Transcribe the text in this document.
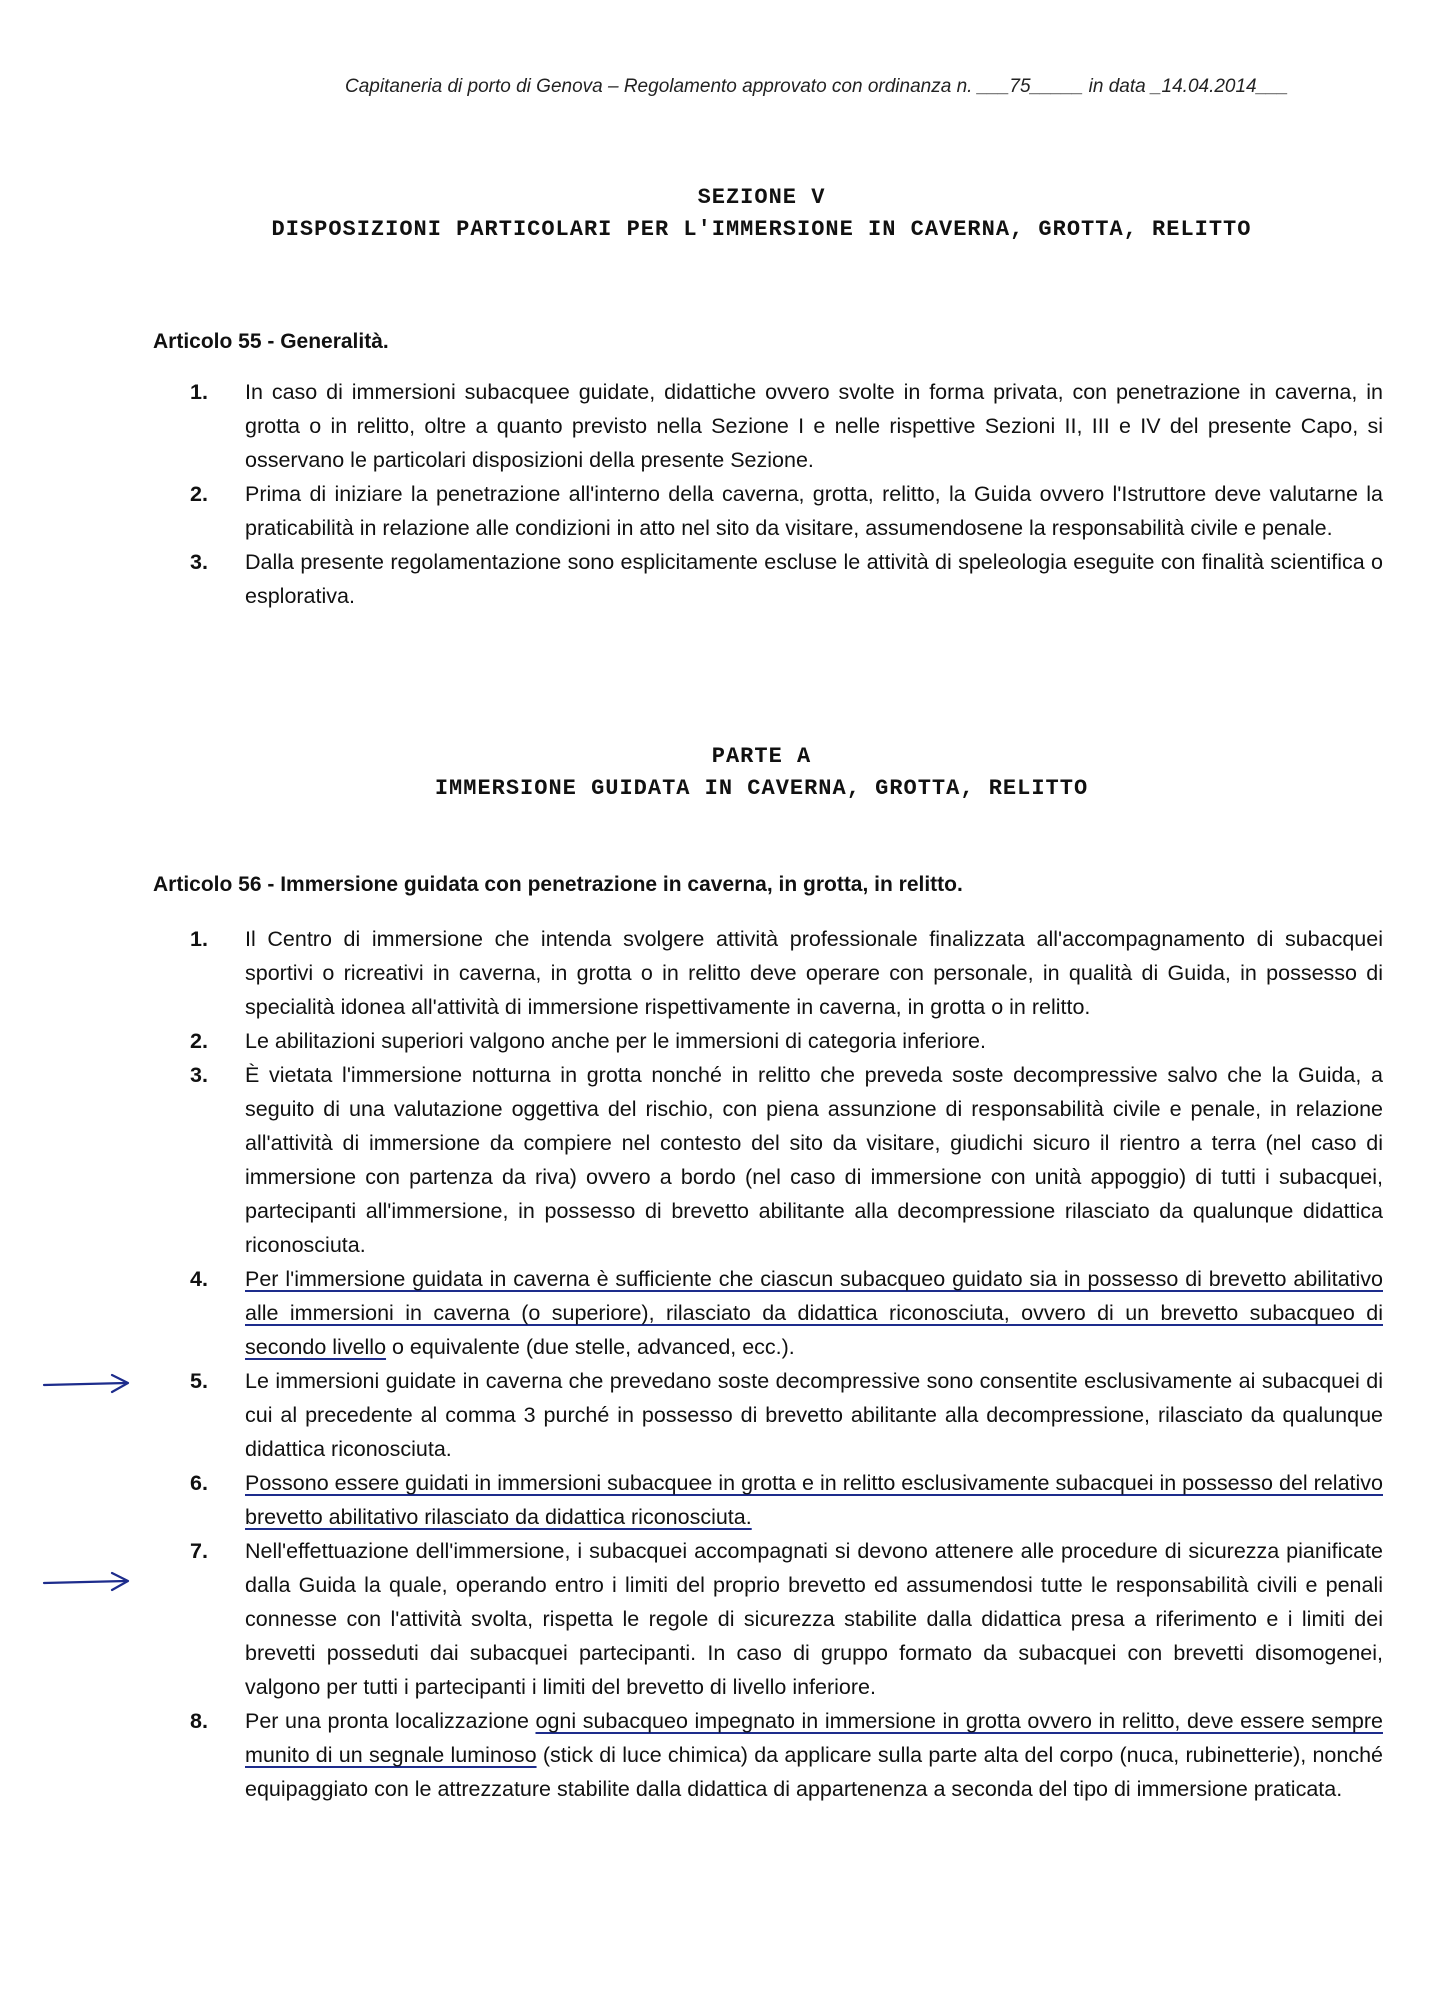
Capitaneria di porto di Genova – Regolamento approvato con ordinanza n. ___75_____ in data _14.04.2014___
SEZIONE V
DISPOSIZIONI PARTICOLARI PER L'IMMERSIONE IN CAVERNA, GROTTA, RELITTO
Articolo 55 - Generalità.
1.	In caso di immersioni subacquee guidate, didattiche ovvero svolte in forma privata, con penetrazione in caverna, in grotta o in relitto, oltre a quanto previsto nella Sezione I e nelle rispettive Sezioni II, III e IV del presente Capo, si osservano le particolari disposizioni della presente Sezione.
2.	Prima di iniziare la penetrazione all'interno della caverna, grotta, relitto, la Guida ovvero l'Istruttore deve valutarne la praticabilità in relazione alle condizioni in atto nel sito da visitare, assumendosene la responsabilità civile e penale.
3.	Dalla presente regolamentazione sono esplicitamente escluse le attività di speleologia eseguite con finalità scientifica o esplorativa.
PARTE A
IMMERSIONE GUIDATA IN CAVERNA, GROTTA, RELITTO
Articolo 56 - Immersione guidata con penetrazione in caverna, in grotta, in relitto.
1.	Il Centro di immersione che intenda svolgere attività professionale finalizzata all'accompagnamento di subacquei sportivi o ricreativi in caverna, in grotta o in relitto deve operare con personale, in qualità di Guida, in possesso di specialità idonea all'attività di immersione rispettivamente in caverna, in grotta o in relitto.
2.	Le abilitazioni superiori valgono anche per le immersioni di categoria inferiore.
3.	È vietata l'immersione notturna in grotta nonché in relitto che preveda soste decompressive salvo che la Guida, a seguito di una valutazione oggettiva del rischio, con piena assunzione di responsabilità civile e penale, in relazione all'attività di immersione da compiere nel contesto del sito da visitare, giudichi sicuro il rientro a terra (nel caso di immersione con partenza da riva) ovvero a bordo (nel caso di immersione con unità appoggio) di tutti i subacquei, partecipanti all'immersione, in possesso di brevetto abilitante alla decompressione rilasciato da qualunque didattica riconosciuta.
4.	Per l'immersione guidata in caverna è sufficiente che ciascun subacqueo guidato sia in possesso di brevetto abilitativo alle immersioni in caverna (o superiore), rilasciato da didattica riconosciuta, ovvero di un brevetto subacqueo di secondo livello o equivalente (due stelle, advanced, ecc.).
5.	Le immersioni guidate in caverna che prevedano soste decompressive sono consentite esclusivamente ai subacquei di cui al precedente al comma 3 purché in possesso di brevetto abilitante alla decompressione, rilasciato da qualunque didattica riconosciuta.
6.	Possono essere guidati in immersioni subacquee in grotta e in relitto esclusivamente subacquei in possesso del relativo brevetto abilitativo rilasciato da didattica riconosciuta.
7.	Nell'effettuazione dell'immersione, i subacquei accompagnati si devono attenere alle procedure di sicurezza pianificate dalla Guida la quale, operando entro i limiti del proprio brevetto ed assumendosi tutte le responsabilità civili e penali connesse con l'attività svolta, rispetta le regole di sicurezza stabilite dalla didattica presa a riferimento e i limiti dei brevetti posseduti dai subacquei partecipanti. In caso di gruppo formato da subacquei con brevetti disomogenei, valgono per tutti i partecipanti i limiti del brevetto di livello inferiore.
8.	Per una pronta localizzazione ogni subacqueo impegnato in immersione in grotta ovvero in relitto, deve essere sempre munito di un segnale luminoso (stick di luce chimica) da applicare sulla parte alta del corpo (nuca, rubinetterie), nonché equipaggiato con le attrezzature stabilite dalla didattica di appartenenza a seconda del tipo di immersione praticata.
